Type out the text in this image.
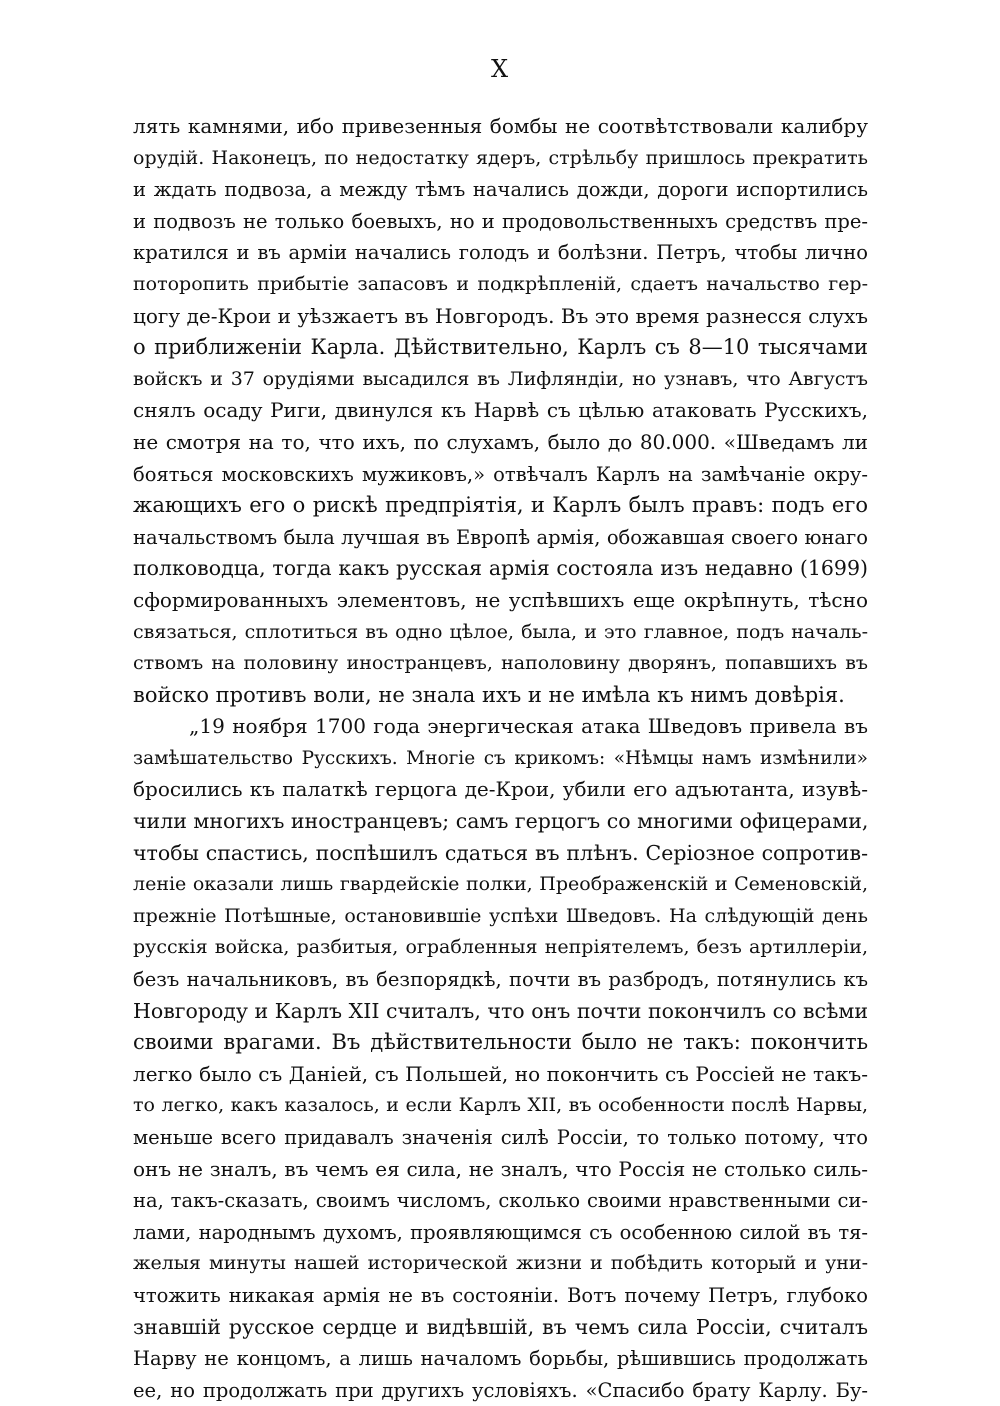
X
лять камнями, ибо привезенныя бомбы не соотвѣтствовали калибру
орудій. Наконецъ, по недостатку ядеръ, стрѣльбу пришлось прекратить
и ждать подвоза, а между тѣмъ начались дожди, дороги испортились
и подвозъ не только боевыхъ, но и продовольственныхъ средствъ пре-
кратился и въ арміи начались голодъ и болѣзни. Петръ, чтобы лично
поторопить прибытіе запасовъ и подкрѣпленій, сдаетъ начальство гер-
цогу де-Крои и уѣзжаетъ въ Новгородъ. Въ это время разнесся слухъ
о приближеніи Карла. Дѣйствительно, Карлъ съ 8—10 тысячами
войскъ и 37 орудіями высадился въ Лифляндіи, но узнавъ, что Августъ
снялъ осаду Риги, двинулся къ Нарвѣ съ цѣлью атаковать Русскихъ,
не смотря на то, что ихъ, по слухамъ, было до 80.000. «Шведамъ ли
бояться московскихъ мужиковъ,» отвѣчалъ Карлъ на замѣчаніе окру-
жающихъ его о рискѣ предпріятія, и Карлъ былъ правъ: подъ его
начальствомъ была лучшая въ Европѣ армія, обожавшая своего юнаго
полководца, тогда какъ русская армія состояла изъ недавно (1699)
сформированныхъ элементовъ, не успѣвшихъ еще окрѣпнуть, тѣсно
связаться, сплотиться въ одно цѣлое, была, и это главное, подъ началь-
ствомъ на половину иностранцевъ, наполовину дворянъ, попавшихъ въ
войско противъ воли, не знала ихъ и не имѣла къ нимъ довѣрія.
„19 ноября 1700 года энергическая атака Шведовъ привела въ
замѣшательство Русскихъ. Многіе съ крикомъ: «Нѣмцы намъ измѣнили»
бросились къ палаткѣ герцога де-Крои, убили его адъютанта, изувѣ-
чили многихъ иностранцевъ; самъ герцогъ со многими офицерами,
чтобы спастись, поспѣшилъ сдаться въ плѣнъ. Серіозное сопротив-
леніе оказали лишь гвардейскіе полки, Преображенскій и Семеновскій,
прежніе Потѣшные, остановившіе успѣхи Шведовъ. На слѣдующій день
русскія войска, разбитыя, ограбленныя непріятелемъ, безъ артиллеріи,
безъ начальниковъ, въ безпорядкѣ, почти въ разбродъ, потянулись къ
Новгороду и Карлъ XII считалъ, что онъ почти покончилъ со всѣми
своими врагами. Въ дѣйствительности было не такъ: покончить
легко было съ Даніей, съ Польшей, но покончить съ Россіей не такъ-
то легко, какъ казалось, и если Карлъ XII, въ особенности послѣ Нарвы,
меньше всего придавалъ значенія силѣ Россіи, то только потому, что
онъ не зналъ, въ чемъ ея сила, не зналъ, что Россія не столько силь-
на, такъ-сказать, своимъ числомъ, сколько своими нравственными си-
лами, народнымъ духомъ, проявляющимся съ особенною силой въ тя-
желыя минуты нашей исторической жизни и побѣдить который и уни-
чтожить никакая армія не въ состояніи. Вотъ почему Петръ, глубоко
знавшій русское сердце и видѣвшій, въ чемъ сила Россіи, считалъ
Нарву не концомъ, а лишь началомъ борьбы, рѣшившись продолжать
ее, но продолжать при другихъ условіяхъ. «Спасибо брату Карлу. Бу-
